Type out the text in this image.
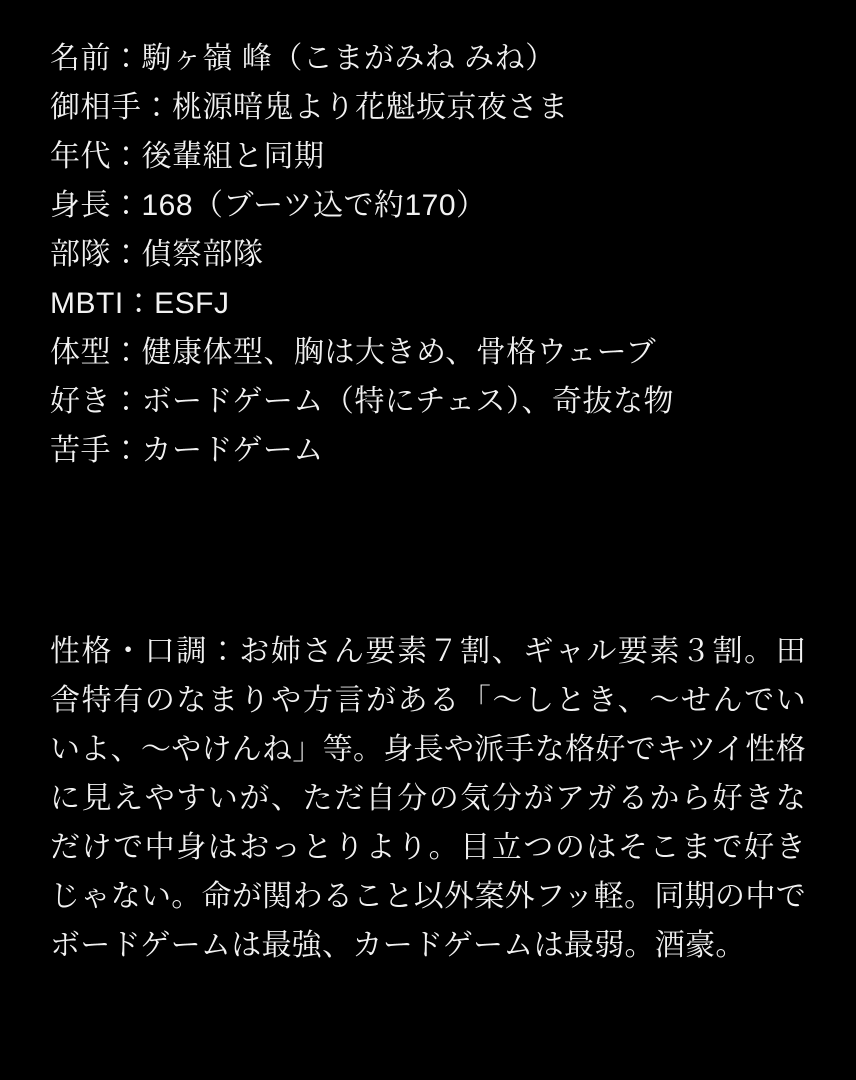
名前：駒ヶ嶺 峰（こまがみね みね）
御相手：桃源暗鬼より花魁坂京夜さま
年代：後輩組と同期
身長：168（ブーツ込で約170）
部隊：偵察部隊
MBTI：ESFJ
体型：健康体型、胸は大きめ、骨格ウェーブ
好き：ボードゲーム（特にチェス）、奇抜な物
苦手：カードゲーム

性格・口調：お姉さん要素７割、ギャル要素３割。田舎特有のなまりや方言がある「〜しとき、〜せんでいいよ、〜やけんね」等。身長や派手な格好でキツイ性格に見えやすいが、ただ自分の気分がアガるから好きなだけで中身はおっとりより。目立つのはそこまで好きじゃない。命が関わること以外案外フッ軽。同期の中でボードゲームは最強、カードゲームは最弱。酒豪。
